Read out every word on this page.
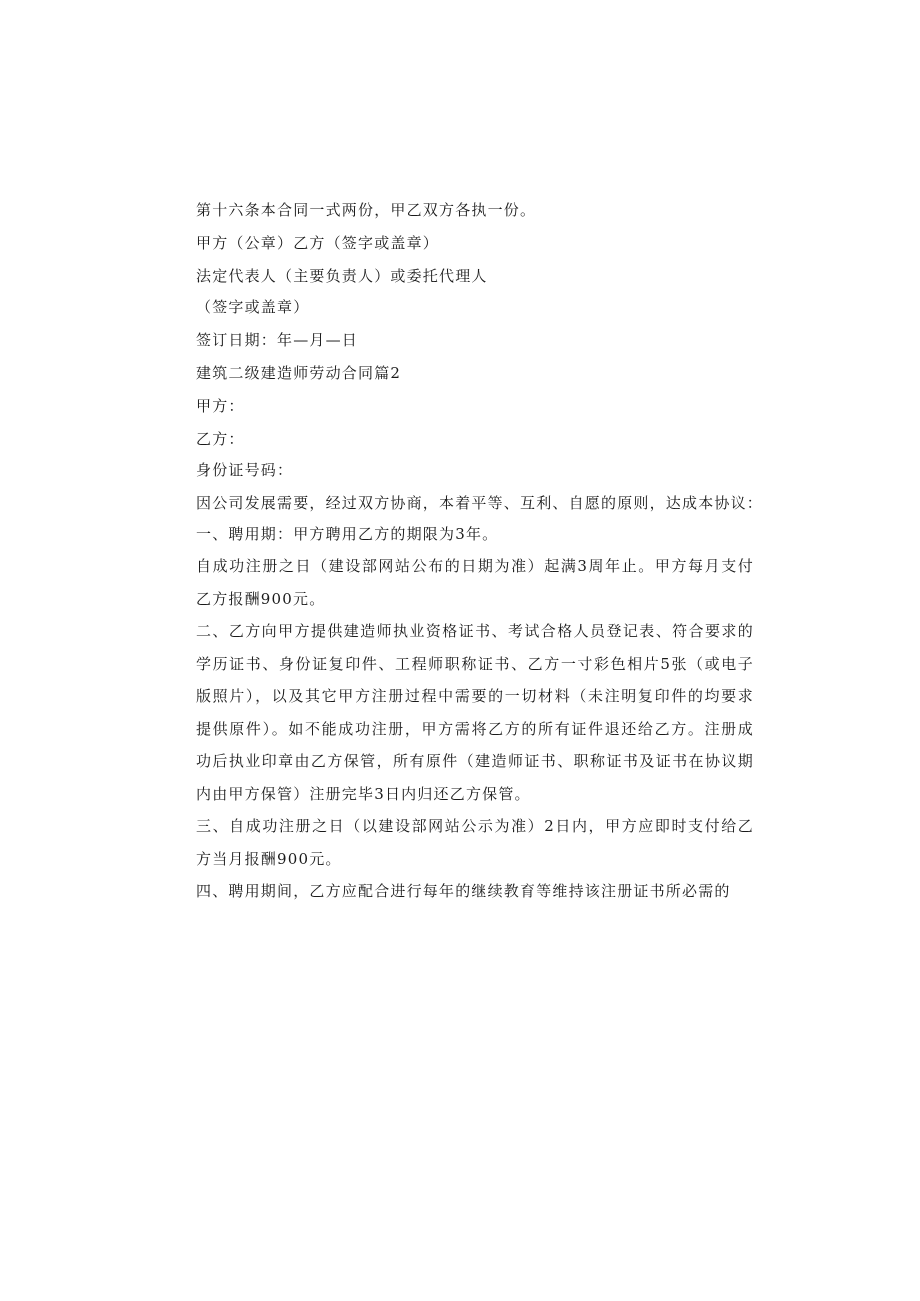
第十六条本合同一式两份，甲乙双方各执一份。
甲方（公章）乙方（签字或盖章）
法定代表人（主要负责人）或委托代理人
（签字或盖章）
签订日期：年—月—日
建筑二级建造师劳动合同篇2
甲方：
乙方：
身份证号码：
因公司发展需要，经过双方协商，本着平等、互利、自愿的原则，达成本协议：
一、聘用期：甲方聘用乙方的期限为3年。
自成功注册之日（建设部网站公布的日期为准）起满3周年止。甲方每月支付乙方报酬900元。
二、乙方向甲方提供建造师执业资格证书、考试合格人员登记表、符合要求的学历证书、身份证复印件、工程师职称证书、乙方一寸彩色相片5张（或电子版照片），以及其它甲方注册过程中需要的一切材料（未注明复印件的均要求提供原件）。如不能成功注册，甲方需将乙方的所有证件退还给乙方。注册成功后执业印章由乙方保管，所有原件（建造师证书、职称证书及证书在协议期内由甲方保管）注册完毕3日内归还乙方保管。
三、自成功注册之日（以建设部网站公示为准）2日内，甲方应即时支付给乙方当月报酬900元。
四、聘用期间，乙方应配合进行每年的继续教育等维持该注册证书所必需的
